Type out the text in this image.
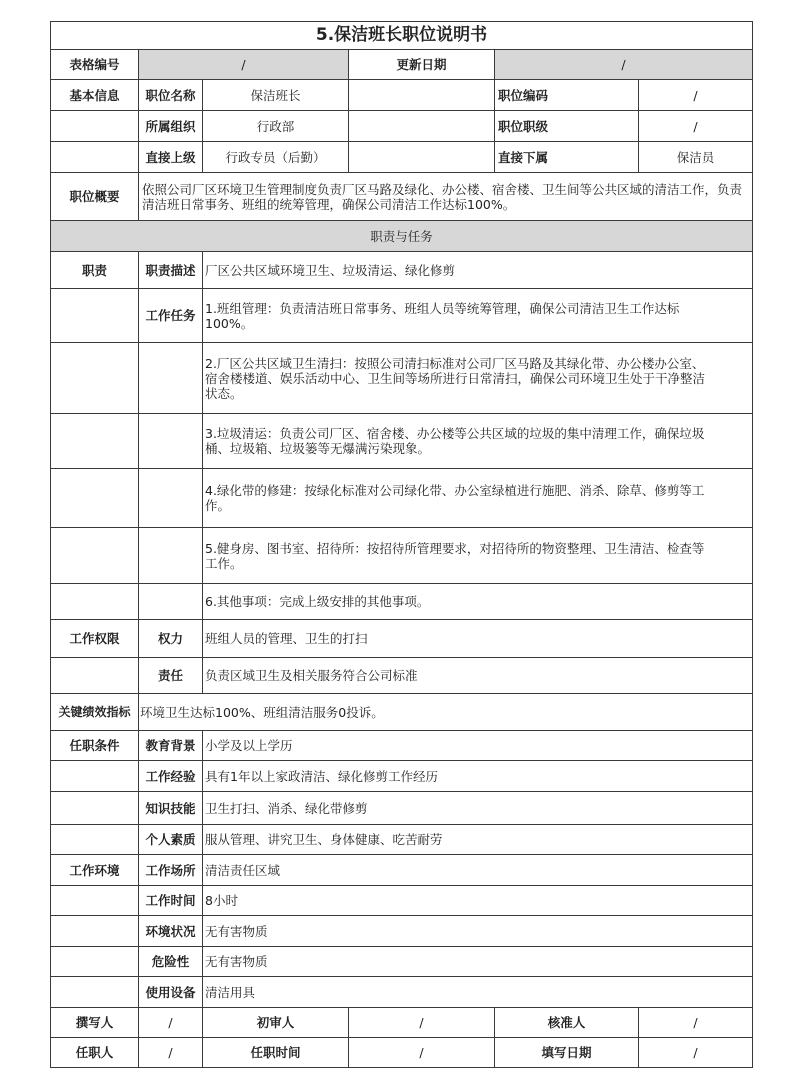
5.保洁班长职位说明书					
表格编号	/		更新日期	/	
基本信息	职位名称	保洁班长		职位编码	/
	所属组织	行政部		职位职级	/
	直接上级	行政专员（后勤）		直接下属	保洁员
职位概要	依照公司厂区环境卫生管理制度负责厂区马路及绿化、办公楼、宿舍楼、卫生间等公共区域的清洁工作，负责清洁班日常事务、班组的统筹管理，确保公司清洁工作达标100%。				
职责与任务					
职责	职责描述	厂区公共区域环境卫生、垃圾清运、绿化修剪			
	工作任务	1.班组管理：负责清洁班日常事务、班组人员等统筹管理，确保公司清洁卫生工作达标100%。			
		2.厂区公共区域卫生清扫：按照公司清扫标准对公司厂区马路及其绿化带、办公楼办公室、宿舍楼楼道、娱乐活动中心、卫生间等场所进行日常清扫，确保公司环境卫生处于干净整洁状态。			
		3.垃圾清运：负责公司厂区、宿舍楼、办公楼等公共区域的垃圾的集中清理工作，确保垃圾桶、垃圾箱、垃圾篓等无爆满污染现象。			
		4.绿化带的修建：按绿化标准对公司绿化带、办公室绿植进行施肥、消杀、除草、修剪等工作。			
		5.健身房、图书室、招待所：按招待所管理要求，对招待所的物资整理、卫生清洁、检查等工作。			
		6.其他事项：完成上级安排的其他事项。			
工作权限	权力	班组人员的管理、卫生的打扫			
	责任	负责区域卫生及相关服务符合公司标准			
关键绩效指标	环境卫生达标100%、班组清洁服务0投诉。				
任职条件	教育背景	小学及以上学历			
	工作经验	具有1年以上家政清洁、绿化修剪工作经历			
	知识技能	卫生打扫、消杀、绿化带修剪			
	个人素质	服从管理、讲究卫生、身体健康、吃苦耐劳			
工作环境	工作场所	清洁责任区域			
	工作时间	8小时			
	环境状况	无有害物质			
	危险性	无有害物质			
	使用设备	清洁用具			
撰写人	/	初审人	/	核准人	/
任职人	/	任职时间	/	填写日期	/
